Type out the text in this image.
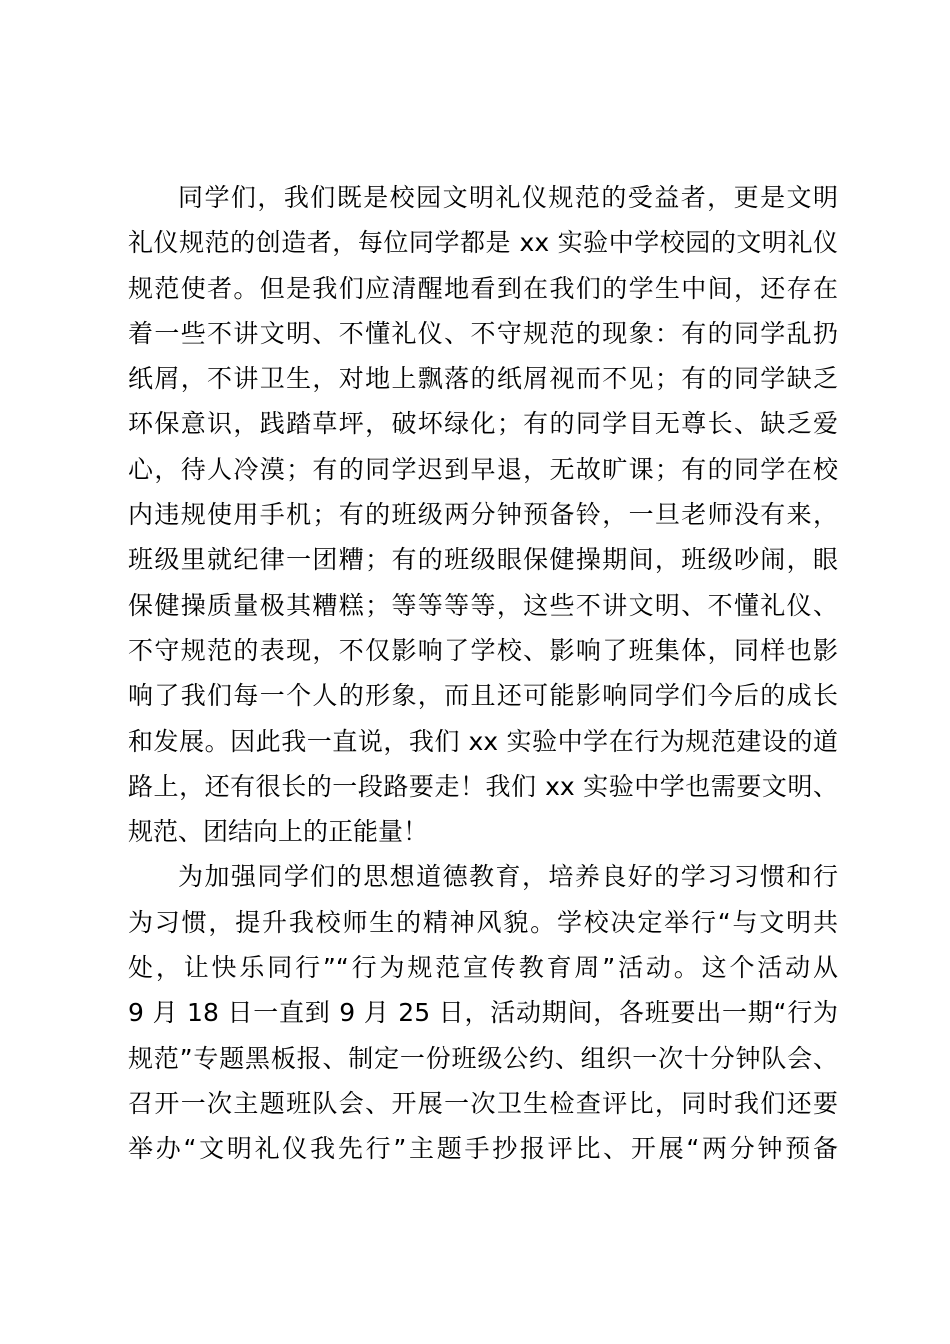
同学们，我们既是校园文明礼仪规范的受益者，更是文明
礼仪规范的创造者，每位同学都是 xx 实验中学校园的文明礼仪
规范使者。但是我们应清醒地看到在我们的学生中间，还存在
着一些不讲文明、不懂礼仪、不守规范的现象：有的同学乱扔
纸屑，不讲卫生，对地上飘落的纸屑视而不见；有的同学缺乏
环保意识，践踏草坪，破坏绿化；有的同学目无尊长、缺乏爱
心，待人冷漠；有的同学迟到早退，无故旷课；有的同学在校
内违规使用手机；有的班级两分钟预备铃，一旦老师没有来，
班级里就纪律一团糟；有的班级眼保健操期间，班级吵闹，眼
保健操质量极其糟糕；等等等等，这些不讲文明、不懂礼仪、
不守规范的表现，不仅影响了学校、影响了班集体，同样也影
响了我们每一个人的形象，而且还可能影响同学们今后的成长
和发展。因此我一直说，我们 xx 实验中学在行为规范建设的道
路上，还有很长的一段路要走！我们 xx 实验中学也需要文明、
规范、团结向上的正能量！
为加强同学们的思想道德教育，培养良好的学习习惯和行
为习惯，提升我校师生的精神风貌。学校决定举行“与文明共
处，让快乐同行”“行为规范宣传教育周”活动。这个活动从
9 月 18 日一直到 9 月 25 日，活动期间，各班要出一期“行为
规范”专题黑板报、制定一份班级公约、组织一次十分钟队会、
召开一次主题班队会、开展一次卫生检查评比，同时我们还要
举办“文明礼仪我先行”主题手抄报评比、开展“两分钟预备
